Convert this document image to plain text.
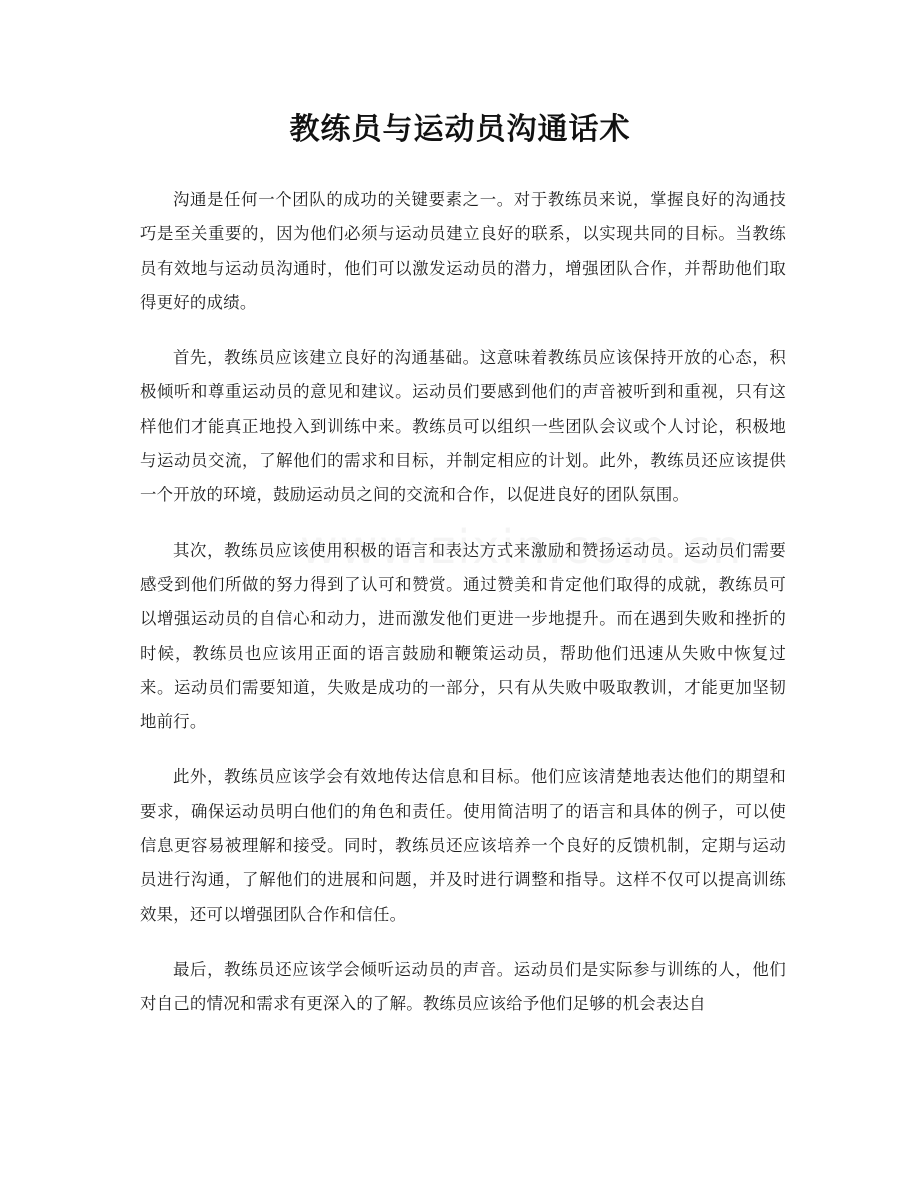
教练员与运动员沟通话术

沟通是任何一个团队的成功的关键要素之一。对于教练员来说，掌握良好的沟通技巧是至关重要的，因为他们必须与运动员建立良好的联系，以实现共同的目标。当教练员有效地与运动员沟通时，他们可以激发运动员的潜力，增强团队合作，并帮助他们取得更好的成绩。

首先，教练员应该建立良好的沟通基础。这意味着教练员应该保持开放的心态，积极倾听和尊重运动员的意见和建议。运动员们要感到他们的声音被听到和重视，只有这样他们才能真正地投入到训练中来。教练员可以组织一些团队会议或个人讨论，积极地与运动员交流，了解他们的需求和目标，并制定相应的计划。此外，教练员还应该提供一个开放的环境，鼓励运动员之间的交流和合作，以促进良好的团队氛围。

其次，教练员应该使用积极的语言和表达方式来激励和赞扬运动员。运动员们需要感受到他们所做的努力得到了认可和赞赏。通过赞美和肯定他们取得的成就，教练员可以增强运动员的自信心和动力，进而激发他们更进一步地提升。而在遇到失败和挫折的时候，教练员也应该用正面的语言鼓励和鞭策运动员，帮助他们迅速从失败中恢复过来。运动员们需要知道，失败是成功的一部分，只有从失败中吸取教训，才能更加坚韧地前行。

此外，教练员应该学会有效地传达信息和目标。他们应该清楚地表达他们的期望和要求，确保运动员明白他们的角色和责任。使用简洁明了的语言和具体的例子，可以使信息更容易被理解和接受。同时，教练员还应该培养一个良好的反馈机制，定期与运动员进行沟通，了解他们的进展和问题，并及时进行调整和指导。这样不仅可以提高训练效果，还可以增强团队合作和信任。

最后，教练员还应该学会倾听运动员的声音。运动员们是实际参与训练的人，他们对自己的情况和需求有更深入的了解。教练员应该给予他们足够的机会表达自
